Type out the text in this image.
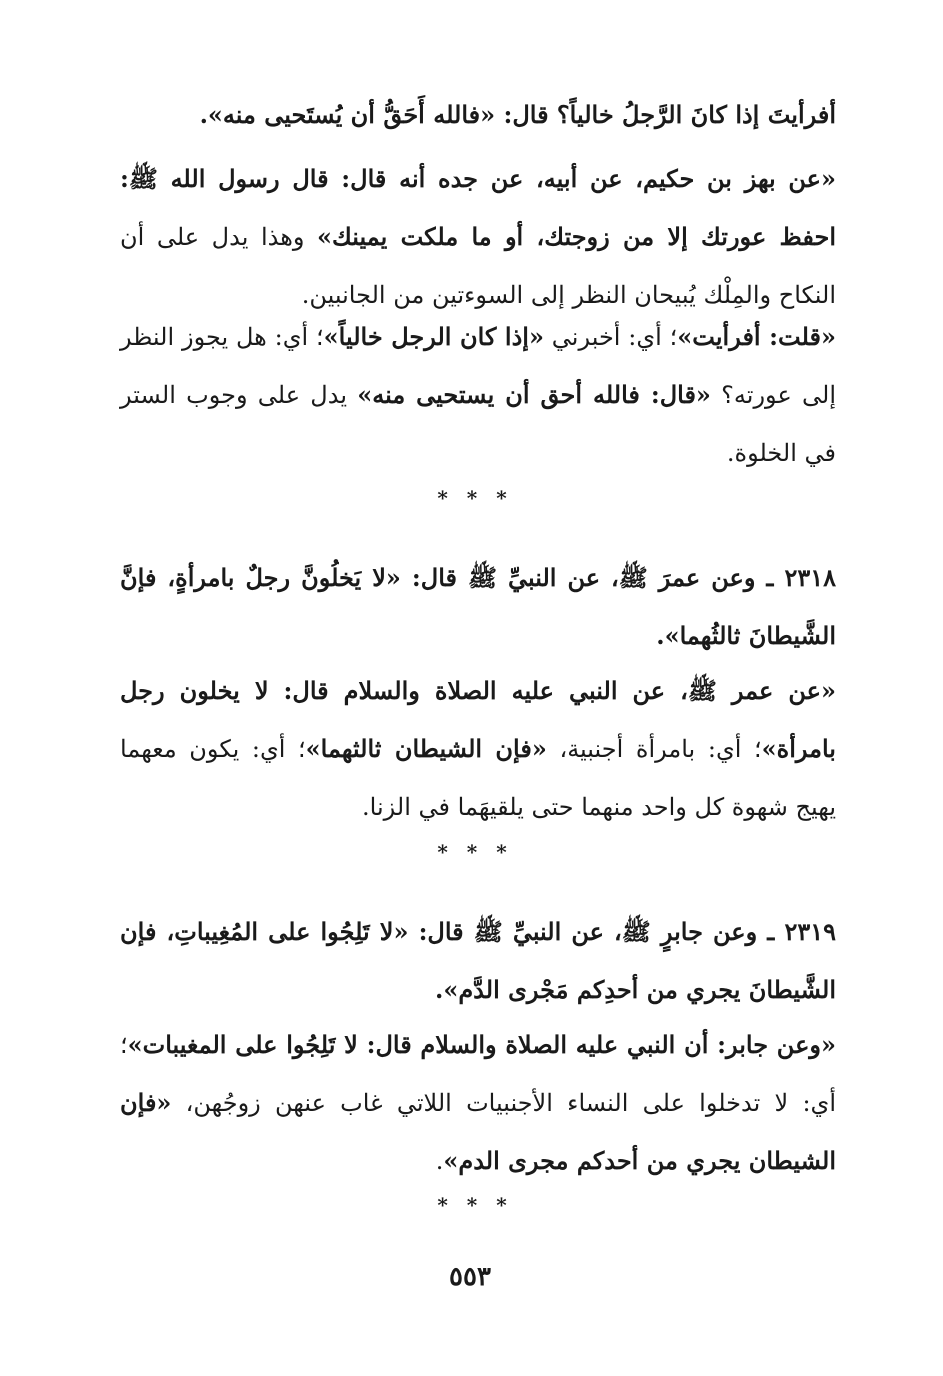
أفرأيتَ إذا كانَ الرَّجلُ خالياً؟ قال: «فالله أَحَقُّ أن يُستَحيى منه».

«عن بهز بن حكيم، عن أبيه، عن جده أنه قال: قال رسول الله ﷺ: احفظ عورتك إلا من زوجتك، أو ما ملكت يمينك» وهذا يدل على أن النكاح والمِلْك يُبيحان النظر إلى السوءتين من الجانبين.

«قلت: أفرأيت»؛ أي: أخبرني «إذا كان الرجل خالياً»؛ أي: هل يجوز النظر إلى عورته؟ «قال: فالله أحق أن يستحيى منه» يدل على وجوب الستر في الخلوة.

* * *

٢٣١٨ ـ وعن عمرَ ﷺ، عن النبيِّ ﷺ قال: «لا يَخلُونَّ رجلٌ بامرأةٍ، فإنَّ الشَّيطانَ ثالثُهما».

«عن عمر ﷺ، عن النبي عليه الصلاة والسلام قال: لا يخلون رجل بامرأة»؛ أي: بامرأة أجنبية، «فإن الشيطان ثالثهما»؛ أي: يكون معهما يهيج شهوة كل واحد منهما حتى يلقيهَما في الزنا.

* * *

٢٣١٩ ـ وعن جابرٍ ﷺ، عن النبيِّ ﷺ قال: «لا تَلِجُوا على المُغِيباتِ، فإن الشَّيطانَ يجري من أحدِكم مَجْرى الدَّم».

«وعن جابر: أن النبي عليه الصلاة والسلام قال: لا تَلِجُوا على المغيبات»؛ أي: لا تدخلوا على النساء الأجنبيات اللاتي غاب عنهن زوجُهن، «فإن الشيطان يجري من أحدكم مجرى الدم».

* * *
٥٥٣
